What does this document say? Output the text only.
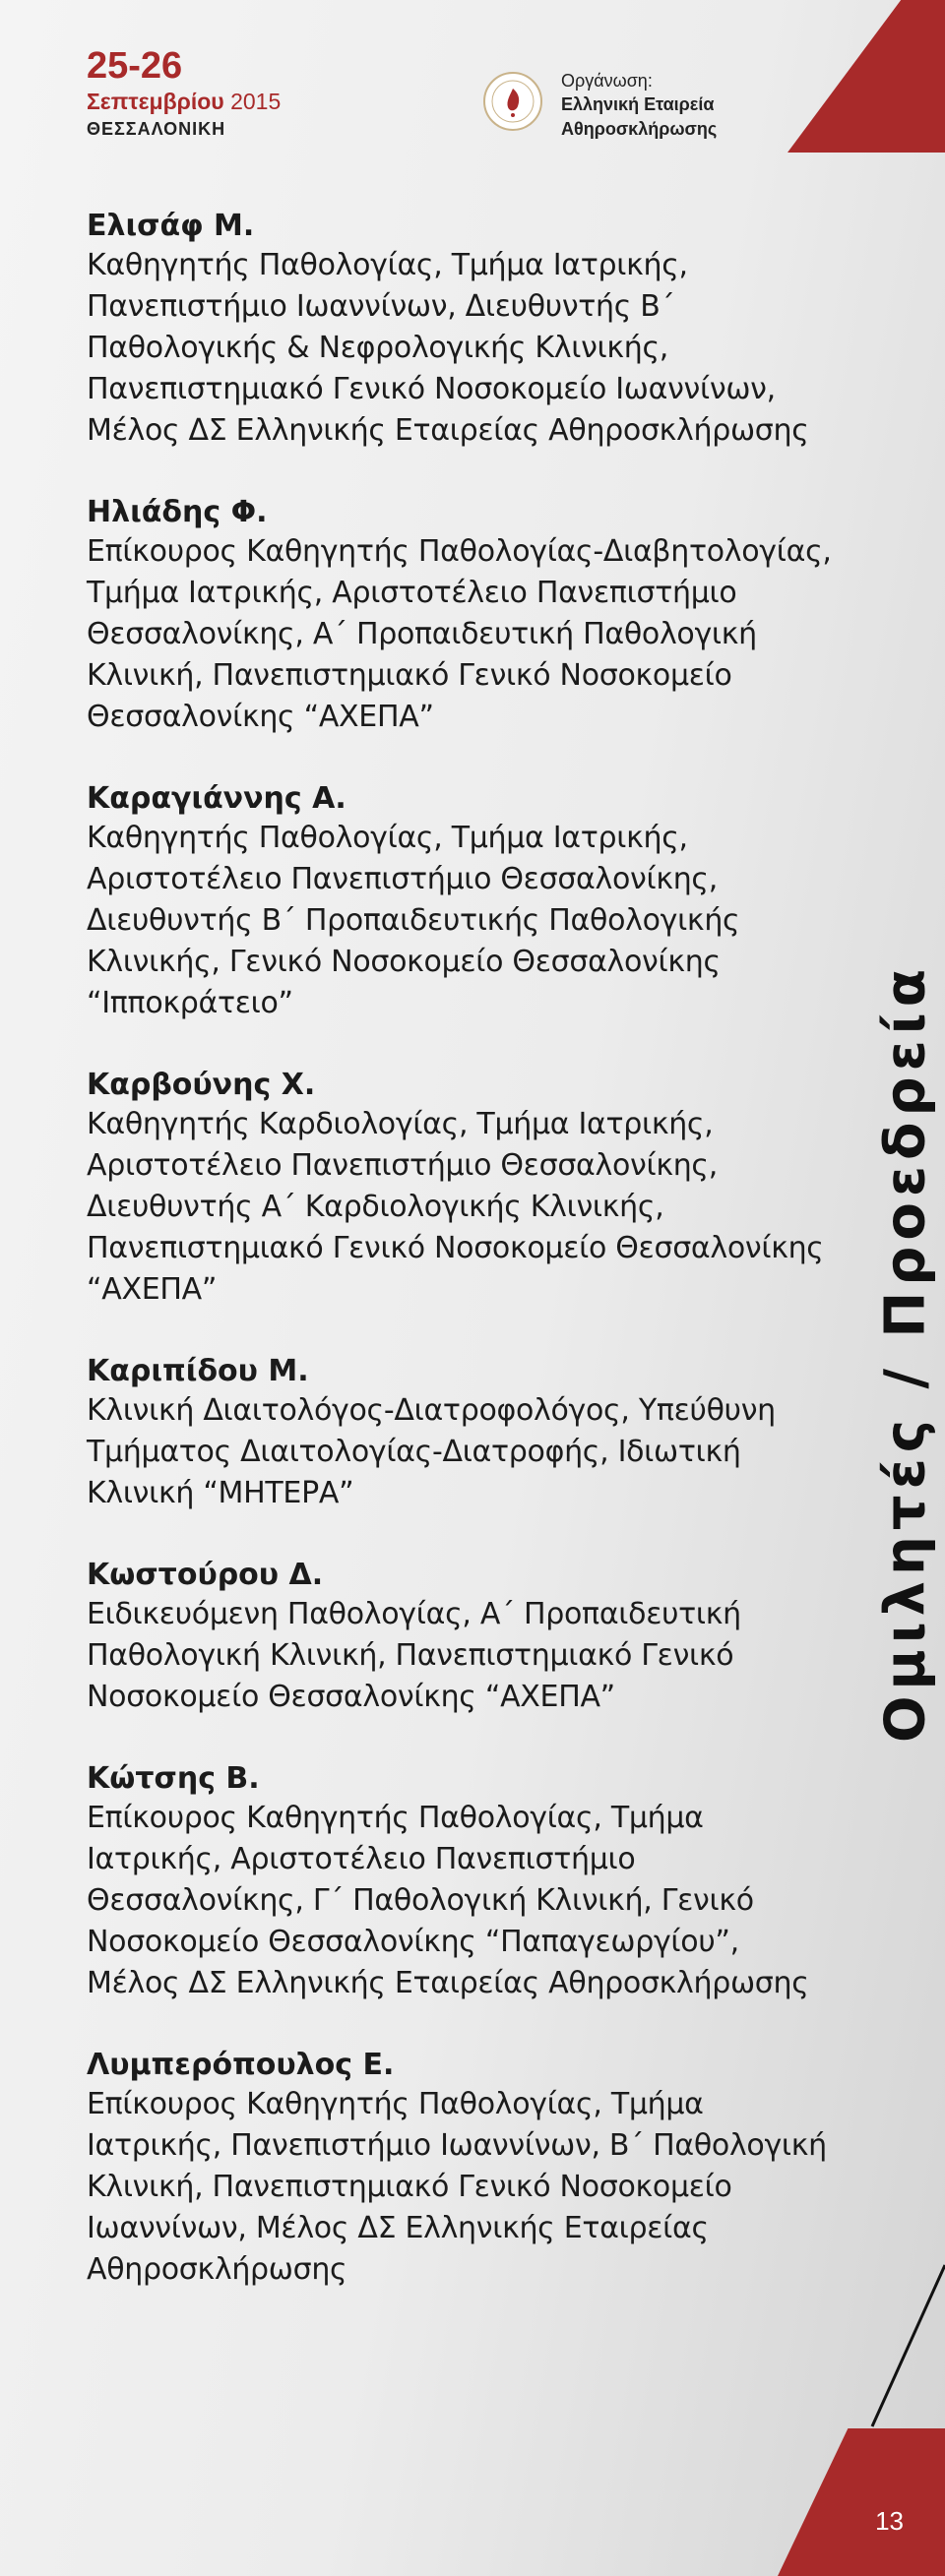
25-26
Σεπτεμβρίου 2015
ΘΕΣΣΑΛΟΝΙΚΗ
Οργάνωση:
Ελληνική Εταιρεία
Αθηροσκλήρωσης
Ελισάφ Μ.
Καθηγητής Παθολογίας, Τμήμα Ιατρικής, Πανεπιστήμιο Ιωαννίνων, Διευθυντής Β΄ Παθολογικής & Νεφρολογικής Κλινικής, Πανεπιστημιακό Γενικό Νοσοκομείο Ιωαννίνων, Μέλος ΔΣ Ελληνικής Εταιρείας Αθηροσκλήρωσης
Ηλιάδης Φ.
Επίκουρος Καθηγητής Παθολογίας-Διαβητολογίας, Τμήμα Ιατρικής, Αριστοτέλειο Πανεπιστήμιο Θεσσαλονίκης, Α΄ Προπαιδευτική Παθολογική Κλινική, Πανεπιστημιακό Γενικό Νοσοκομείο Θεσσαλονίκης “ΑΧΕΠΑ”
Καραγιάννης Α.
Καθηγητής Παθολογίας, Τμήμα Ιατρικής, Αριστοτέλειο Πανεπιστήμιο Θεσσαλονίκης, Διευθυντής Β΄ Προπαιδευτικής Παθολογικής Κλινικής, Γενικό Νοσοκομείο Θεσσαλονίκης “Ιπποκράτειο”
Καρβούνης Χ.
Καθηγητής Καρδιολογίας, Τμήμα Ιατρικής, Αριστοτέλειο Πανεπιστήμιο Θεσσαλονίκης, Διευθυντής Α΄ Καρδιολογικής Κλινικής, Πανεπιστημιακό Γενικό Νοσοκομείο Θεσσαλονίκης “ΑΧΕΠΑ”
Καριπίδου Μ.
Κλινική Διαιτολόγος-Διατροφολόγος, Υπεύθυνη Τμήματος Διαιτολογίας-Διατροφής, Ιδιωτική Κλινική “ΜΗΤΕΡΑ”
Κωστούρου Δ.
Ειδικευόμενη Παθολογίας, Α΄ Προπαιδευτική Παθολογική Κλινική, Πανεπιστημιακό Γενικό Νοσοκομείο Θεσσαλονίκης “ΑΧΕΠΑ”
Κώτσης Β.
Επίκουρος Καθηγητής Παθολογίας, Τμήμα Ιατρικής, Αριστοτέλειο Πανεπιστήμιο Θεσσαλονίκης, Γ΄ Παθολογική Κλινική, Γενικό Νοσοκομείο Θεσσαλονίκης “Παπαγεωργίου”, Μέλος ΔΣ Ελληνικής Εταιρείας Αθηροσκλήρωσης
Λυμπερόπουλος Ε.
Επίκουρος Καθηγητής Παθολογίας, Τμήμα Ιατρικής, Πανεπιστήμιο Ιωαννίνων, Β΄ Παθολογική Κλινική, Πανεπιστημιακό Γενικό Νοσοκομείο Ιωαννίνων, Μέλος ΔΣ Ελληνικής Εταιρείας Αθηροσκλήρωσης
Ομιλητές / Προεδρεία
13
